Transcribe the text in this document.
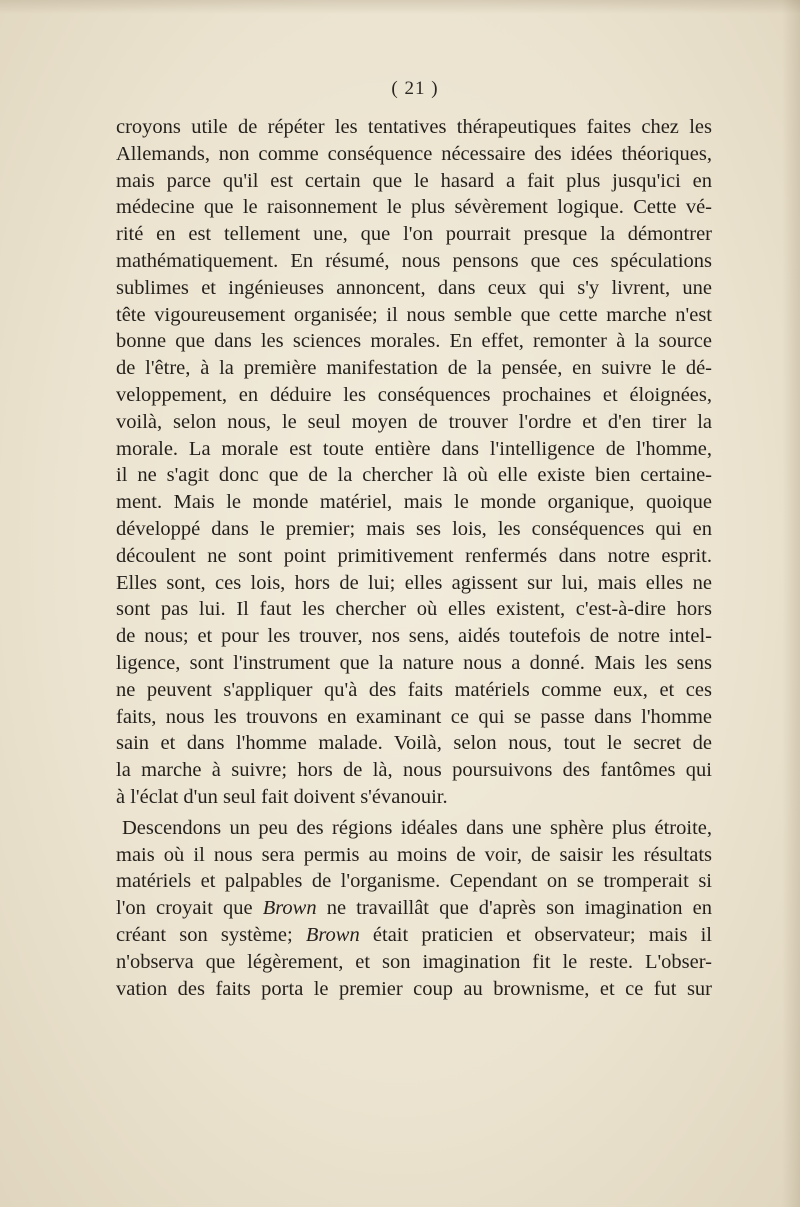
( 21 )
croyons utile de répéter les tentatives thérapeutiques faites chez les
Allemands, non comme conséquence nécessaire des idées théoriques,
mais parce qu'il est certain que le hasard a fait plus jusqu'ici en
médecine que le raisonnement le plus sévèrement logique. Cette vé-
rité en est tellement une, que l'on pourrait presque la démontrer
mathématiquement. En résumé, nous pensons que ces spéculations
sublimes et ingénieuses annoncent, dans ceux qui s'y livrent, une
tête vigoureusement organisée; il nous semble que cette marche n'est
bonne que dans les sciences morales. En effet, remonter à la source
de l'être, à la première manifestation de la pensée, en suivre le dé-
veloppement, en déduire les conséquences prochaines et éloignées,
voilà, selon nous, le seul moyen de trouver l'ordre et d'en tirer la
morale. La morale est toute entière dans l'intelligence de l'homme,
il ne s'agit donc que de la chercher là où elle existe bien certaine-
ment. Mais le monde matériel, mais le monde organique, quoique
développé dans le premier; mais ses lois, les conséquences qui en
découlent ne sont point primitivement renfermés dans notre esprit.
Elles sont, ces lois, hors de lui; elles agissent sur lui, mais elles ne
sont pas lui. Il faut les chercher où elles existent, c'est-à-dire hors
de nous; et pour les trouver, nos sens, aidés toutefois de notre intel-
ligence, sont l'instrument que la nature nous a donné. Mais les sens
ne peuvent s'appliquer qu'à des faits matériels comme eux, et ces
faits, nous les trouvons en examinant ce qui se passe dans l'homme
sain et dans l'homme malade. Voilà, selon nous, tout le secret de
la marche à suivre; hors de là, nous poursuivons des fantômes qui
à l'éclat d'un seul fait doivent s'évanouir.
Descendons un peu des régions idéales dans une sphère plus étroite,
mais où il nous sera permis au moins de voir, de saisir les résultats
matériels et palpables de l'organisme. Cependant on se tromperait si
l'on croyait que Brown ne travaillât que d'après son imagination en
créant son système; Brown était praticien et observateur; mais il
n'observa que légèrement, et son imagination fit le reste. L'obser-
vation des faits porta le premier coup au brownisme, et ce fut sur
